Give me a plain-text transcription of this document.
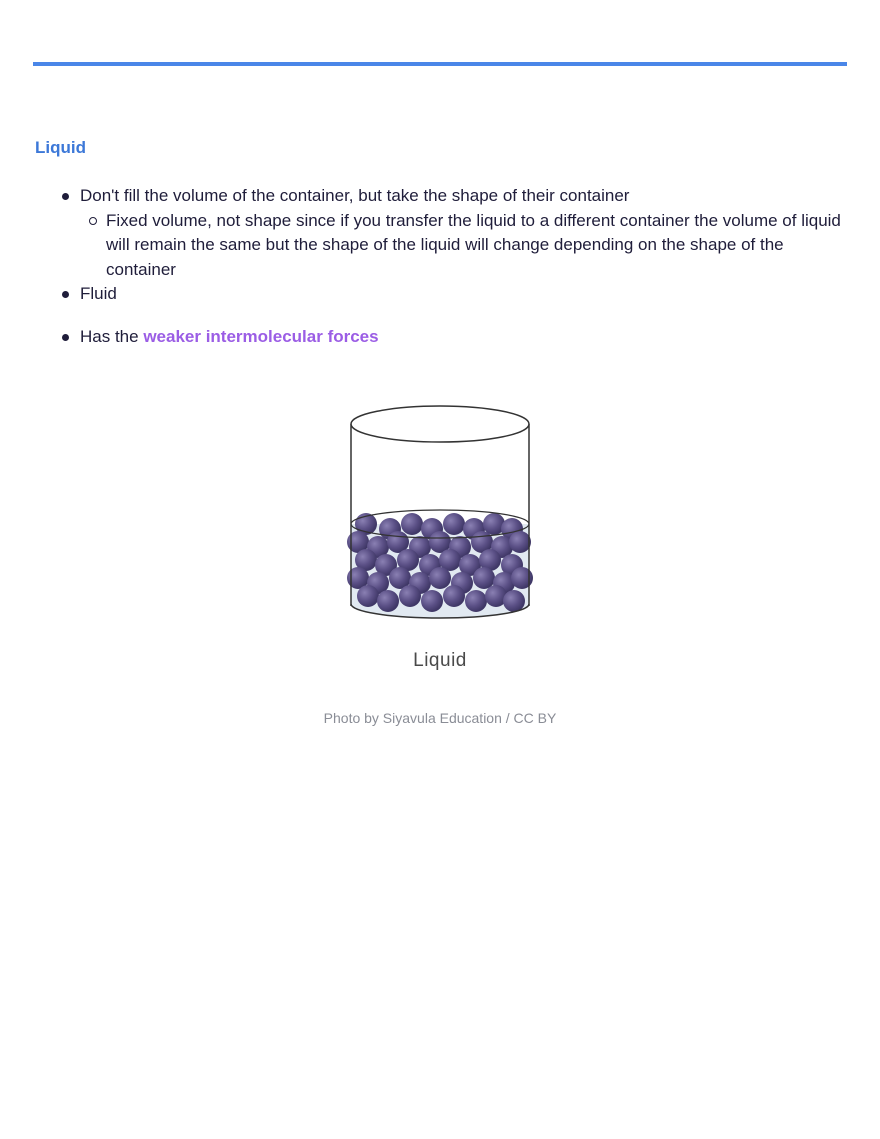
Liquid
Don't fill the volume of the container, but take the shape of their container
Fixed volume, not shape since if you transfer the liquid to a different container the volume of liquid will remain the same but the shape of the liquid will change depending on the shape of the container
Fluid
Has the weaker intermolecular forces
Liquid
Photo by Siyavula Education / CC BY
